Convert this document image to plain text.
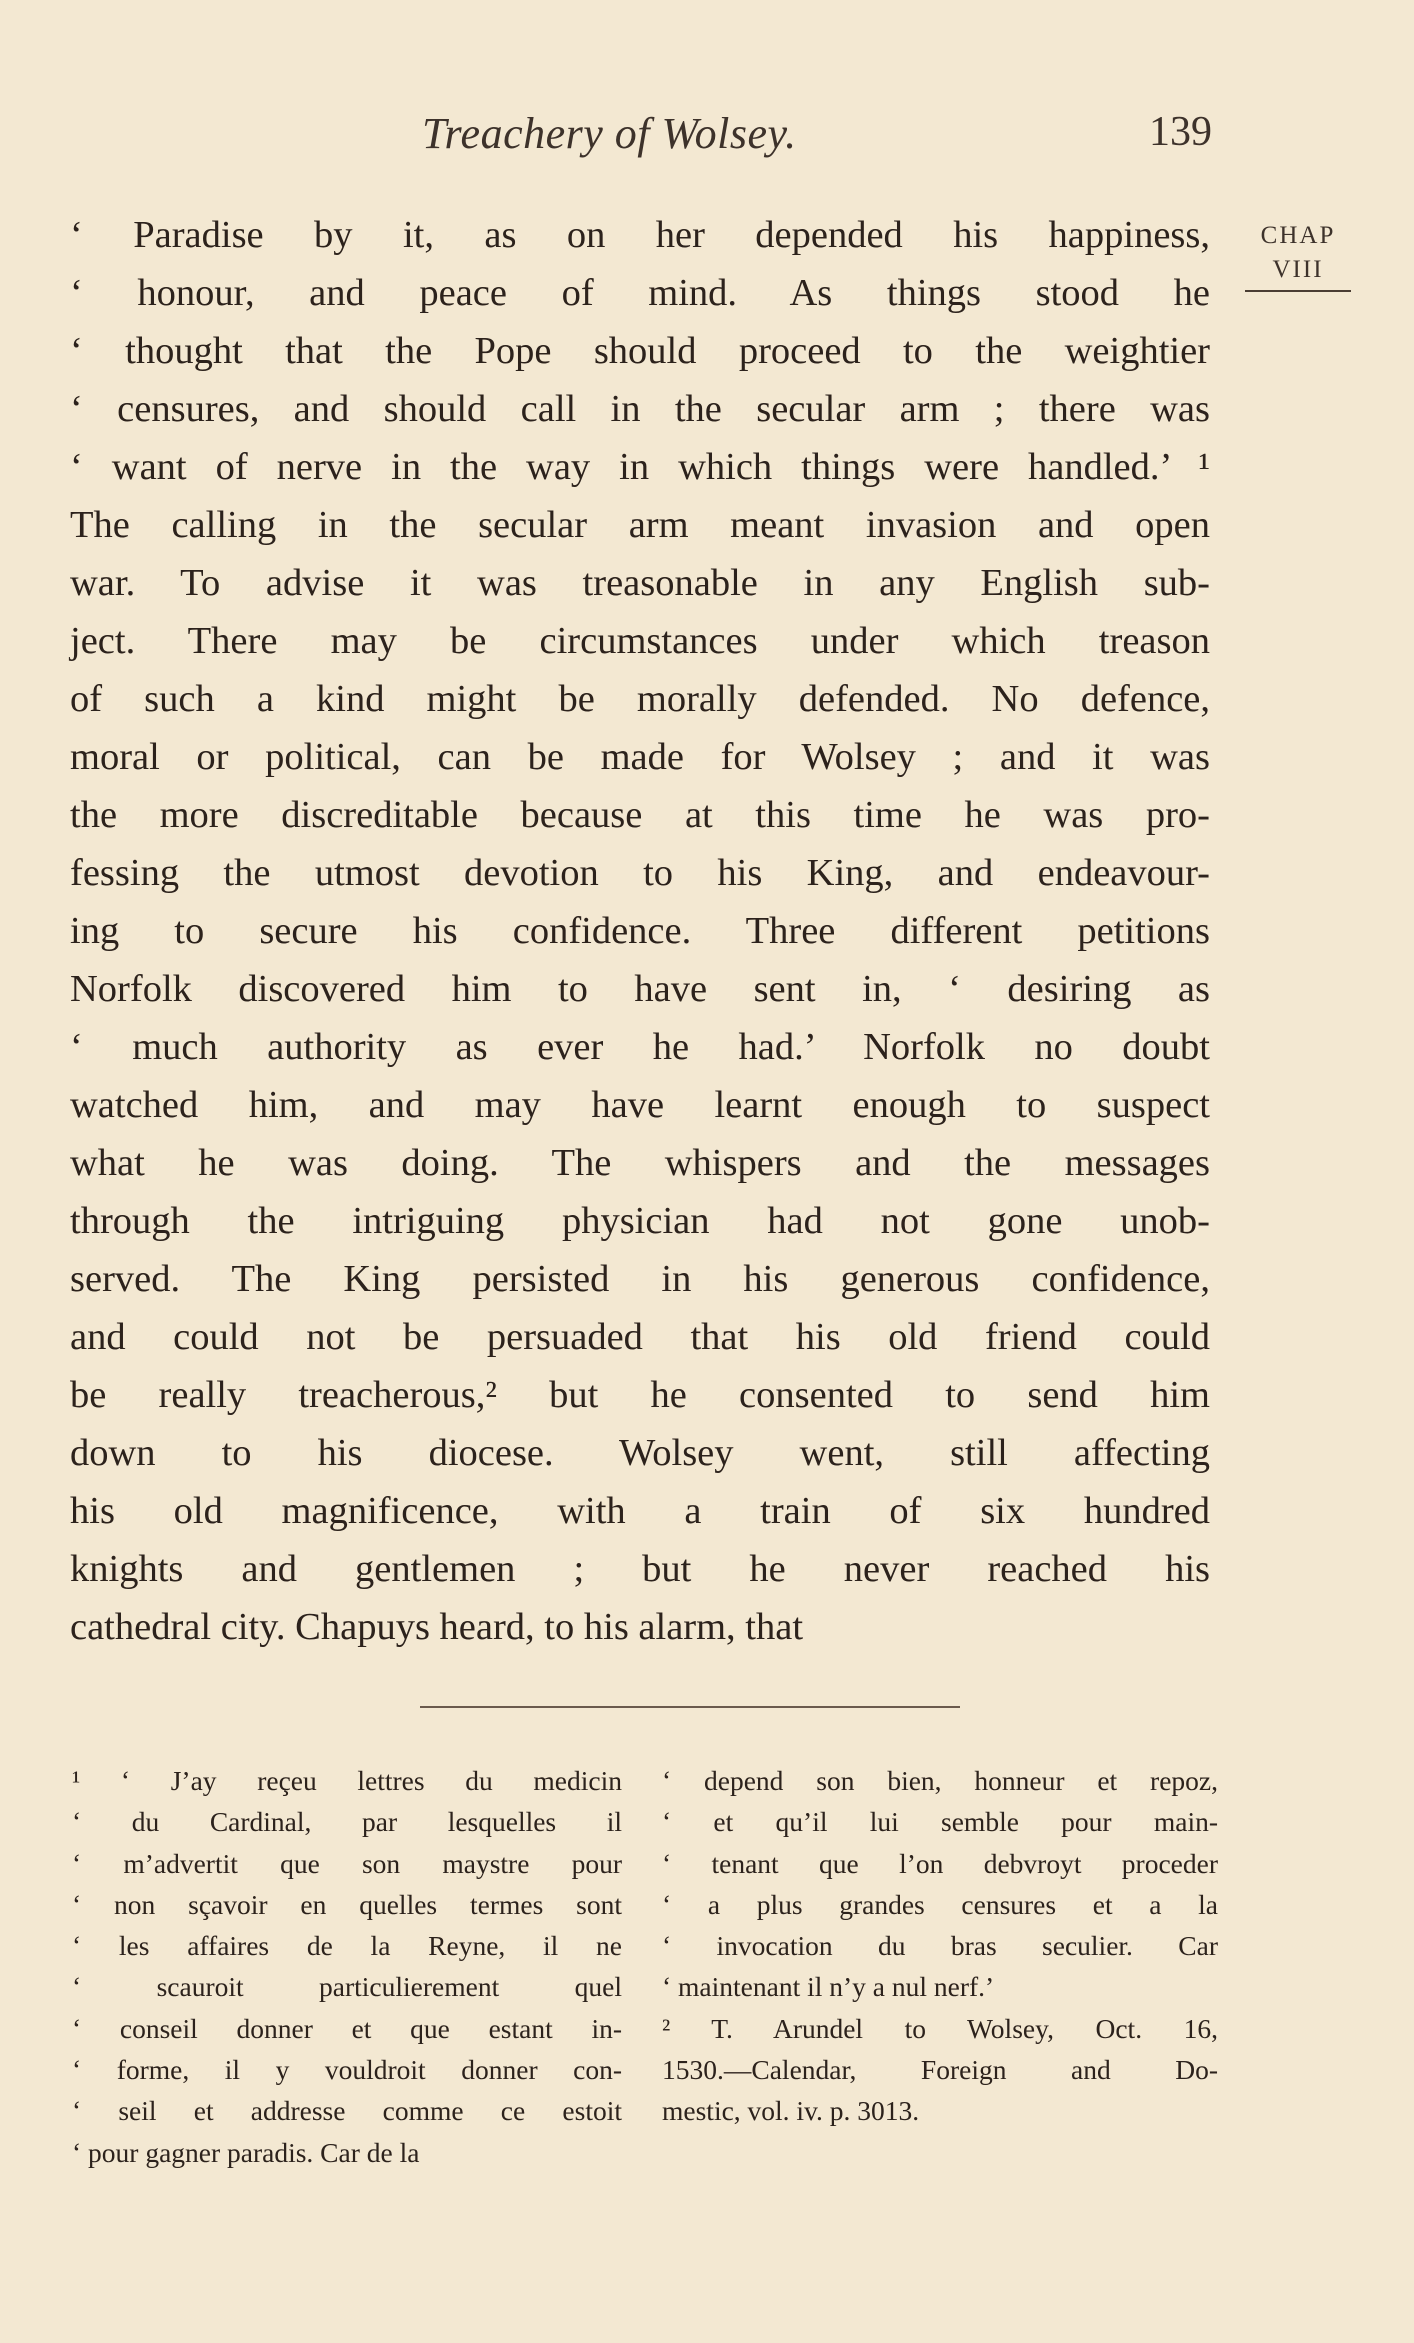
Treachery of Wolsey.	139
CHAP
VIII
‘ Paradise by it, as on her depended his happiness,
‘ honour, and peace of mind. As things stood he
‘ thought that the Pope should proceed to the weightier
‘ censures, and should call in the secular arm ; there was
‘ want of nerve in the way in which things were handled.’ ¹
The calling in the secular arm meant invasion and open
war. To advise it was treasonable in any English sub-
ject. There may be circumstances under which treason
of such a kind might be morally defended. No defence,
moral or political, can be made for Wolsey ; and it was
the more discreditable because at this time he was pro-
fessing the utmost devotion to his King, and endeavour-
ing to secure his confidence. Three different petitions
Norfolk discovered him to have sent in, ‘ desiring as
‘ much authority as ever he had.’ Norfolk no doubt
watched him, and may have learnt enough to suspect
what he was doing. The whispers and the messages
through the intriguing physician had not gone unob-
served. The King persisted in his generous confidence,
and could not be persuaded that his old friend could
be really treacherous,² but he consented to send him
down to his diocese. Wolsey went, still affecting
his old magnificence, with a train of six hundred
knights and gentlemen ; but he never reached his
cathedral city. Chapuys heard, to his alarm, that
¹ ‘ J’ay reçeu lettres du medicin
‘ du Cardinal, par lesquelles il
‘ m’advertit que son maystre pour
‘ non sçavoir en quelles termes sont
‘ les affaires de la Reyne, il ne
‘ scauroit particulierement quel
‘ conseil donner et que estant in-
‘ forme, il y vouldroit donner con-
‘ seil et addresse comme ce estoit
‘ pour gagner paradis. Car de la
‘ depend son bien, honneur et repoz,
‘ et qu’il lui semble pour main-
‘ tenant que l’on debvroyt proceder
‘ a plus grandes censures et a la
‘ invocation du bras seculier. Car
‘ maintenant il n’y a nul nerf.’
² T. Arundel to Wolsey, Oct. 16,
1530.—Calendar, Foreign and Do-
mestic, vol. iv. p. 3013.
